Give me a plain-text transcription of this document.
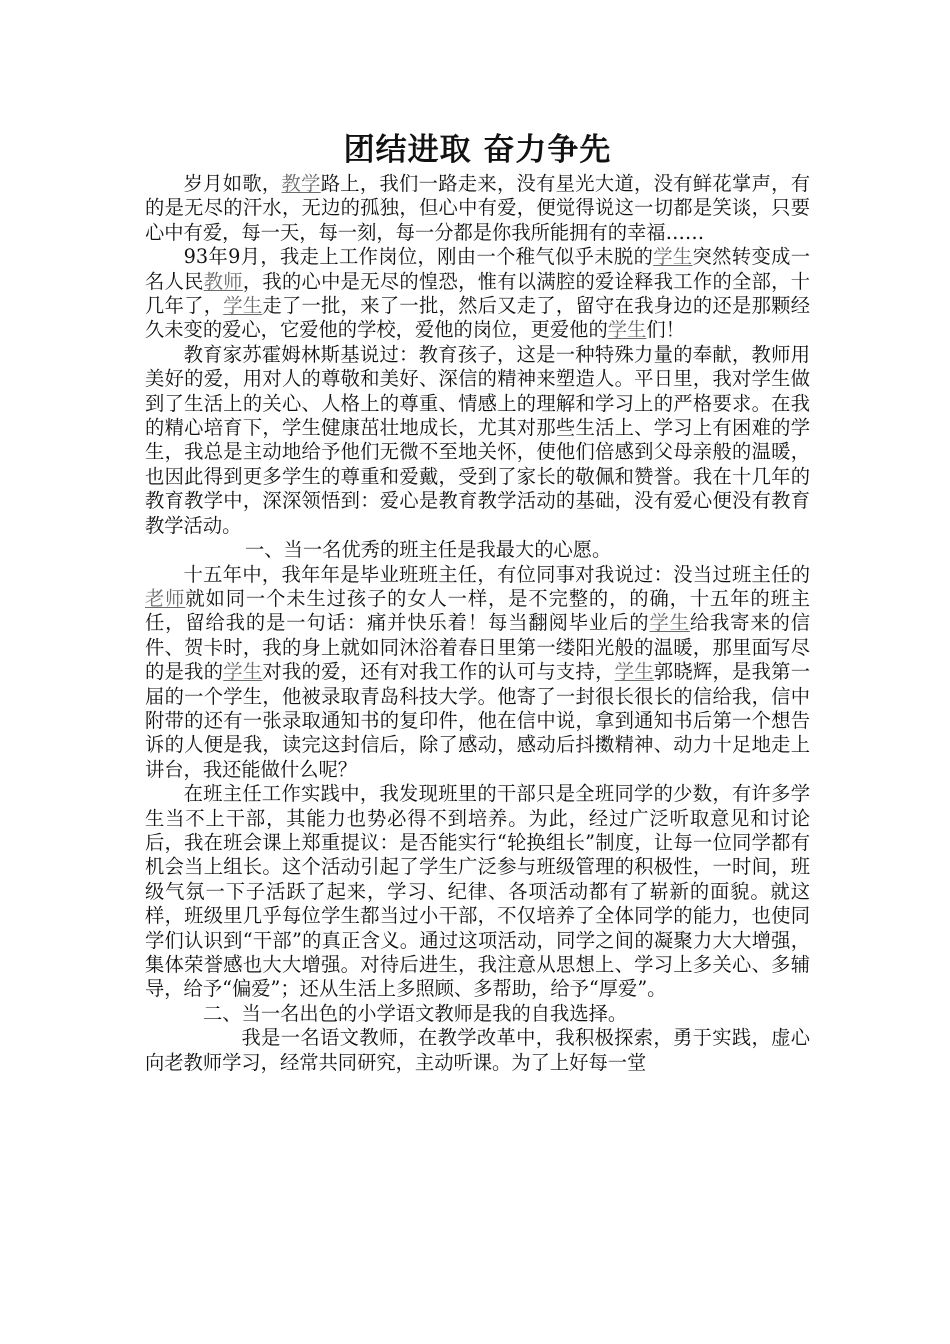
团结进取 奋力争先

岁月如歌，教学路上，我们一路走来，没有星光大道，没有鲜花掌声，有的是无尽的汗水，无边的孤独，但心中有爱，便觉得说这一切都是笑谈，只要心中有爱，每一天，每一刻，每一分都是你我所能拥有的幸福……

93年9月，我走上工作岗位，刚由一个稚气似乎未脱的学生突然转变成一名人民教师，我的心中是无尽的惶恐，惟有以满腔的爱诠释我工作的全部，十几年了，学生走了一批，来了一批，然后又走了，留守在我身边的还是那颗经久未变的爱心，它爱他的学校，爱他的岗位，更爱他的学生们！

教育家苏霍姆林斯基说过：教育孩子，这是一种特殊力量的奉献，教师用美好的爱，用对人的尊敬和美好、深信的精神来塑造人。平日里，我对学生做到了生活上的关心、人格上的尊重、情感上的理解和学习上的严格要求。在我的精心培育下，学生健康茁壮地成长，尤其对那些生活上、学习上有困难的学生，我总是主动地给予他们无微不至地关怀，使他们倍感到父母亲般的温暖，也因此得到更多学生的尊重和爱戴，受到了家长的敬佩和赞誉。我在十几年的教育教学中，深深领悟到：爱心是教育教学活动的基础，没有爱心便没有教育教学活动。

一、当一名优秀的班主任是我最大的心愿。

十五年中，我年年是毕业班班主任，有位同事对我说过：没当过班主任的老师就如同一个未生过孩子的女人一样，是不完整的，的确，十五年的班主任，留给我的是一句话：痛并快乐着！每当翻阅毕业后的学生给我寄来的信件、贺卡时，我的身上就如同沐浴着春日里第一缕阳光般的温暖，那里面写尽的是我的学生对我的爱，还有对我工作的认可与支持，学生郭晓辉，是我第一届的一个学生，他被录取青岛科技大学。他寄了一封很长很长的信给我，信中附带的还有一张录取通知书的复印件，他在信中说，拿到通知书后第一个想告诉的人便是我，读完这封信后，除了感动，感动后抖擞精神、动力十足地走上讲台，我还能做什么呢？

在班主任工作实践中，我发现班里的干部只是全班同学的少数，有许多学生当不上干部，其能力也势必得不到培养。为此，经过广泛听取意见和讨论后，我在班会课上郑重提议：是否能实行“轮换组长”制度，让每一位同学都有机会当上组长。这个活动引起了学生广泛参与班级管理的积极性，一时间，班级气氛一下子活跃了起来，学习、纪律、各项活动都有了崭新的面貌。就这样，班级里几乎每位学生都当过小干部，不仅培养了全体同学的能力，也使同学们认识到“干部”的真正含义。通过这项活动，同学之间的凝聚力大大增强，集体荣誉感也大大增强。对待后进生，我注意从思想上、学习上多关心、多辅导，给予“偏爱”；还从生活上多照顾、多帮助，给予“厚爱”。

二、当一名出色的小学语文教师是我的自我选择。

我是一名语文教师，在教学改革中，我积极探索，勇于实践，虚心向老教师学习，经常共同研究，主动听课。为了上好每一堂
